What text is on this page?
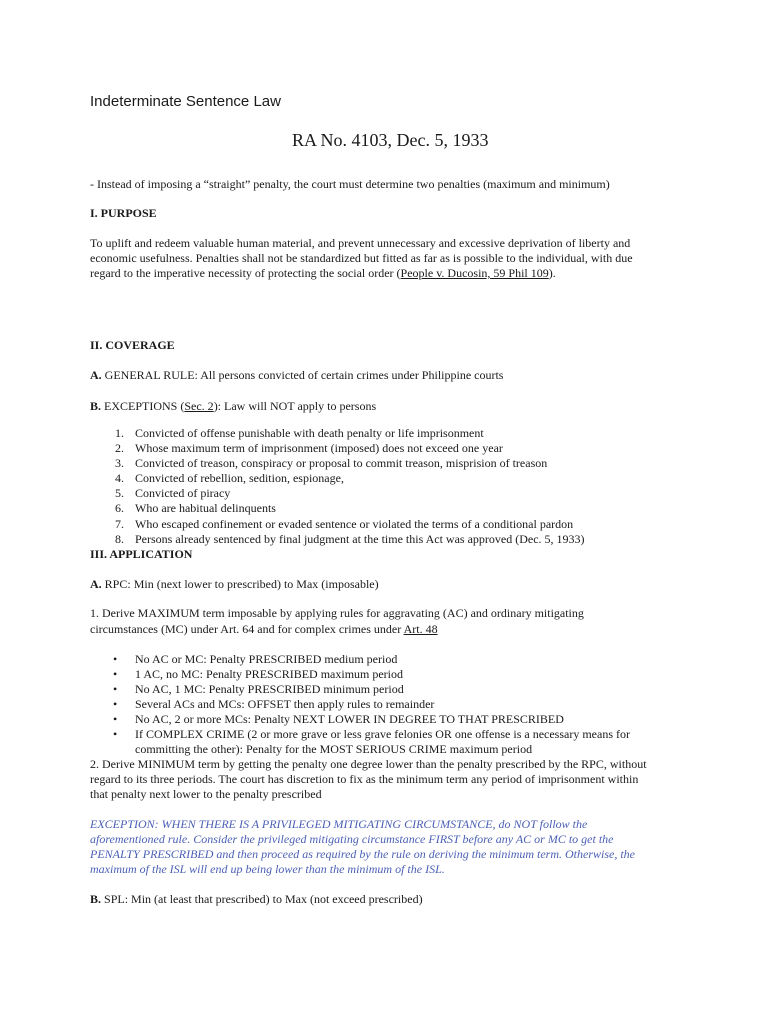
Indeterminate Sentence Law
RA No. 4103, Dec. 5, 1933
- Instead of imposing a “straight” penalty, the court must determine two penalties (maximum and minimum)
I. PURPOSE
To uplift and redeem valuable human material, and prevent unnecessary and excessive deprivation of liberty and
economic usefulness. Penalties shall not be standardized but fitted as far as is possible to the individual, with due
regard to the imperative necessity of protecting the social order (People v. Ducosin, 59 Phil 109).
II. COVERAGE
A. GENERAL RULE: All persons convicted of certain crimes under Philippine courts
B. EXCEPTIONS (Sec. 2): Law will NOT apply to persons
1. Convicted of offense punishable with death penalty or life imprisonment
2. Whose maximum term of imprisonment (imposed) does not exceed one year
3. Convicted of treason, conspiracy or proposal to commit treason, misprision of treason
4. Convicted of rebellion, sedition, espionage,
5. Convicted of piracy
6. Who are habitual delinquents
7. Who escaped confinement or evaded sentence or violated the terms of a conditional pardon
8. Persons already sentenced by final judgment at the time this Act was approved (Dec. 5, 1933)
III. APPLICATION
A. RPC: Min (next lower to prescribed) to Max (imposable)
1. Derive MAXIMUM term imposable by applying rules for aggravating (AC) and ordinary mitigating
circumstances (MC) under Art. 64 and for complex crimes under Art. 48
• No AC or MC: Penalty PRESCRIBED medium period
• 1 AC, no MC: Penalty PRESCRIBED maximum period
• No AC, 1 MC: Penalty PRESCRIBED minimum period
• Several ACs and MCs: OFFSET then apply rules to remainder
• No AC, 2 or more MCs: Penalty NEXT LOWER IN DEGREE TO THAT PRESCRIBED
• If COMPLEX CRIME (2 or more grave or less grave felonies OR one offense is a necessary means for
committing the other): Penalty for the MOST SERIOUS CRIME maximum period
2. Derive MINIMUM term by getting the penalty one degree lower than the penalty prescribed by the RPC, without
regard to its three periods. The court has discretion to fix as the minimum term any period of imprisonment within
that penalty next lower to the penalty prescribed
EXCEPTION: WHEN THERE IS A PRIVILEGED MITIGATING CIRCUMSTANCE, do NOT follow the
aforementioned rule. Consider the privileged mitigating circumstance FIRST before any AC or MC to get the
PENALTY PRESCRIBED and then proceed as required by the rule on deriving the minimum term. Otherwise, the
maximum of the ISL will end up being lower than the minimum of the ISL.
B. SPL: Min (at least that prescribed) to Max (not exceed prescribed)
